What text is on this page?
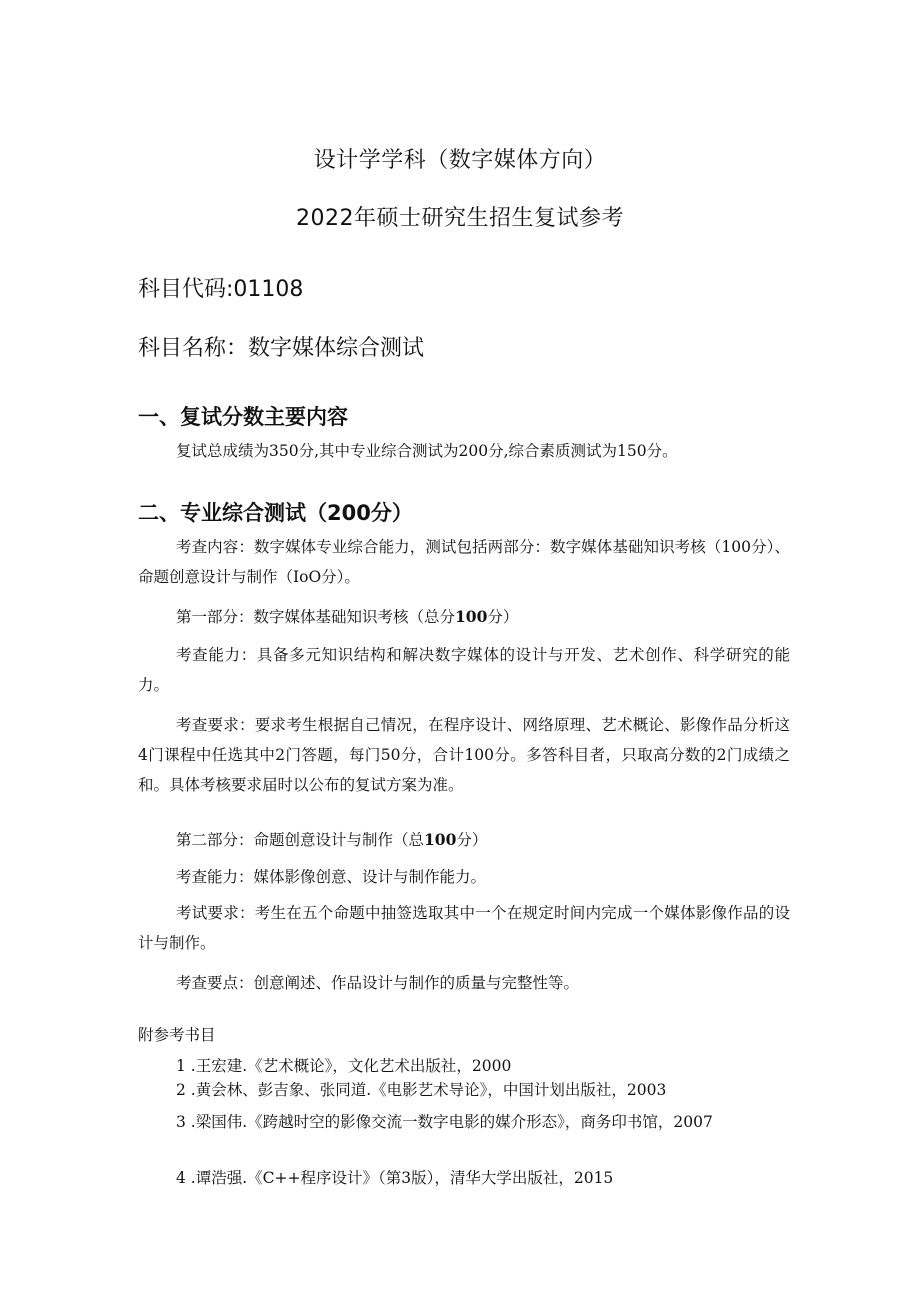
设计学学科（数字媒体方向）
2022年硕士研究生招生复试参考
科目代码:01108
科目名称：数字媒体综合测试
一、复试分数主要内容
复试总成绩为350分,其中专业综合测试为200分,综合素质测试为150分。
二、专业综合测试（200分）
考查内容：数字媒体专业综合能力，测试包括两部分：数字媒体基础知识考核（100分）、命题创意设计与制作（IoO分）。
第一部分：数字媒体基础知识考核（总分100分）
考查能力：具备多元知识结构和解决数字媒体的设计与开发、艺术创作、科学研究的能力。
考查要求：要求考生根据自己情况，在程序设计、网络原理、艺术概论、影像作品分析这4门课程中任选其中2门答题，每门50分，合计100分。多答科目者，只取高分数的2门成绩之和。具体考核要求届时以公布的复试方案为准。
第二部分：命题创意设计与制作（总100分）
考查能力：媒体影像创意、设计与制作能力。
考试要求：考生在五个命题中抽签选取其中一个在规定时间内完成一个媒体影像作品的设计与制作。
考查要点：创意阐述、作品设计与制作的质量与完整性等。
附参考书目
1 .王宏建.《艺术概论》，文化艺术出版社，2000
2 .黄会林、彭吉象、张同道.《电影艺术导论》，中国计划出版社，2003
3 .梁国伟.《跨越时空的影像交流一数字电影的媒介形态》，商务印书馆，2007
4 .谭浩强.《C++程序设计》（第3版），清华大学出版社，2015
